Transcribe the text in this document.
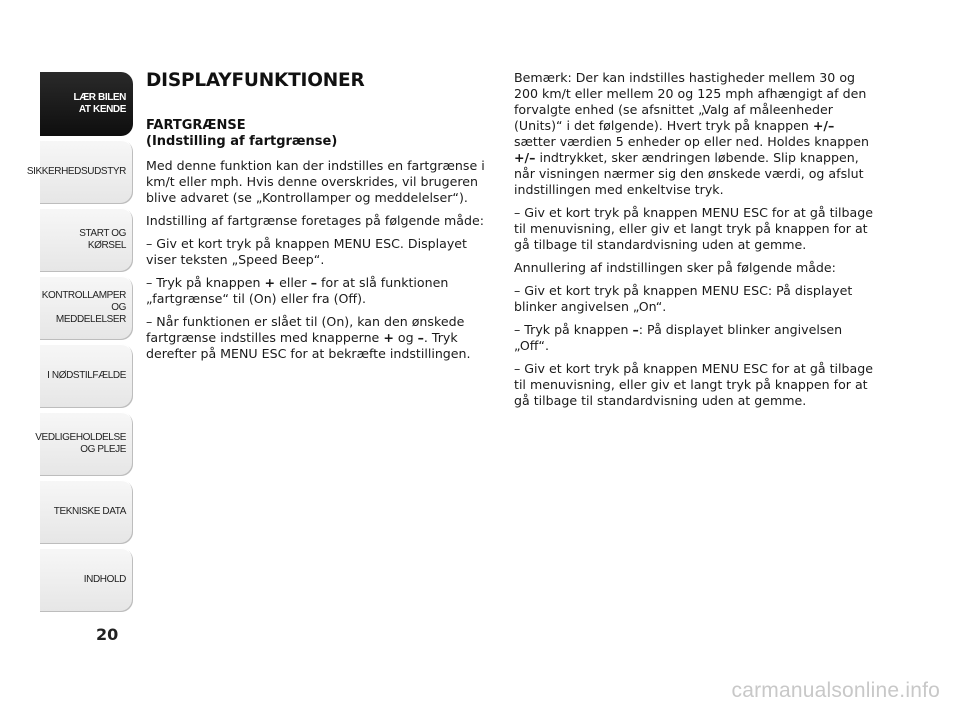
LÆR BILEN
AT KENDE
SIKKERHEDSUDSTYR
START OG KØRSEL
KONTROLLAMPER
OG MEDDELELSER
I NØDSTILFÆLDE
VEDLIGEHOLDELSE
OG PLEJE
TEKNISKE DATA
INDHOLD
20
DISPLAYFUNKTIONER
FARTGRÆNSE
(Indstilling af fartgrænse)

Med denne funktion kan der indstilles en fartgrænse i km/t eller mph. Hvis denne overskrides, vil brugeren blive advaret (se „Kontrollamper og meddelelser“).

Indstilling af fartgrænse foretages på følgende måde:

– Giv et kort tryk på knappen MENU ESC. Displayet viser teksten „Speed Beep“.

– Tryk på knappen + eller – for at slå funktionen „fartgrænse“ til (On) eller fra (Off).

– Når funktionen er slået til (On), kan den ønskede fartgrænse indstilles med knapperne + og –. Tryk derefter på MENU ESC for at bekræfte indstillingen.

Bemærk: Der kan indstilles hastigheder mellem 30 og 200 km/t eller mellem 20 og 125 mph afhængigt af den forvalgte enhed (se afsnittet „Valg af måleenheder (Units)“ i det følgende). Hvert tryk på knappen +/– sætter værdien 5 enheder op eller ned. Holdes knappen +/– indtrykket, sker ændringen løbende. Slip knappen, når visningen nærmer sig den ønskede værdi, og afslut indstillingen med enkeltvise tryk.

– Giv et kort tryk på knappen MENU ESC for at gå tilbage til menuvisning, eller giv et langt tryk på knappen for at gå tilbage til standardvisning uden at gemme.

Annullering af indstillingen sker på følgende måde:

– Giv et kort tryk på knappen MENU ESC: På displayet blinker angivelsen „On“.

– Tryk på knappen –: På displayet blinker angivelsen „Off“.

– Giv et kort tryk på knappen MENU ESC for at gå tilbage til menuvisning, eller giv et langt tryk på knappen for at gå tilbage til standardvisning uden at gemme.

carmanualsonline.info
